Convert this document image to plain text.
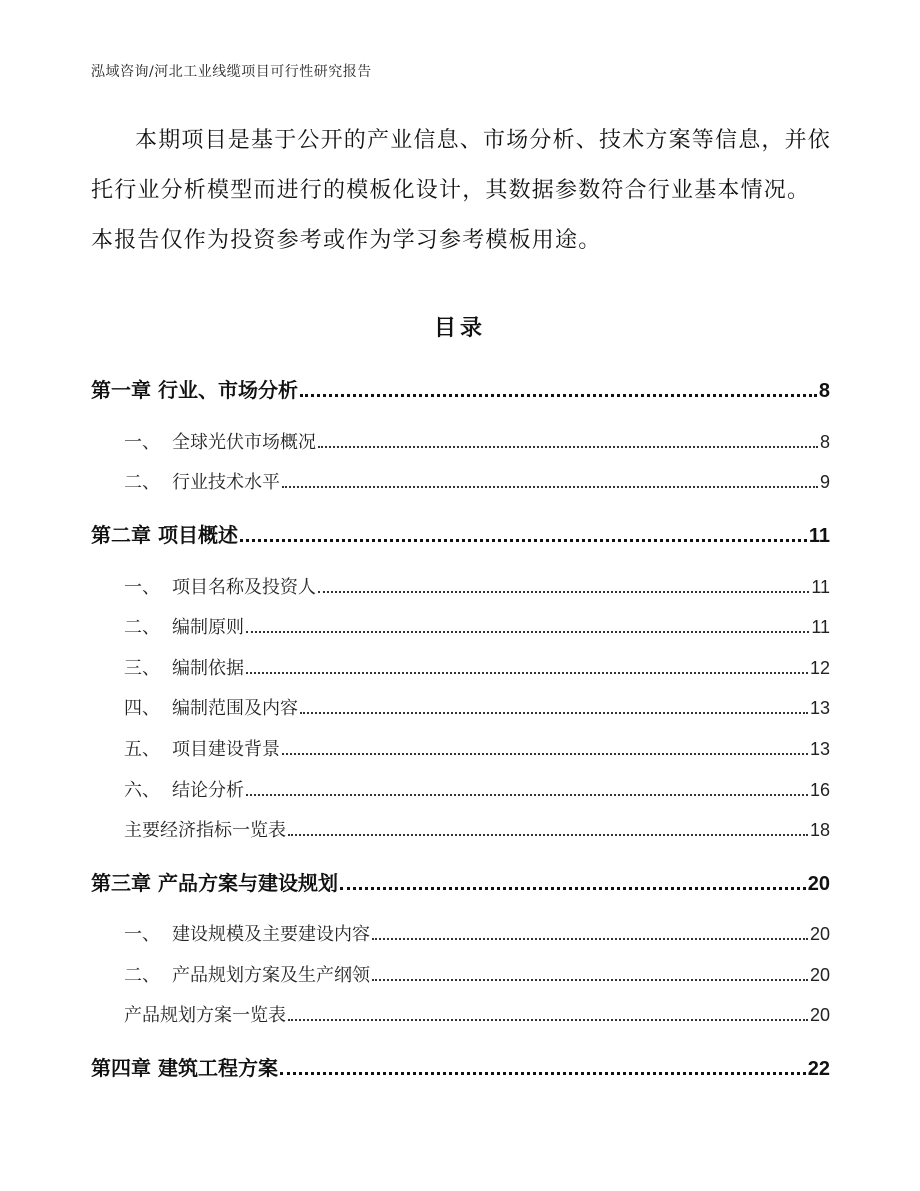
泓域咨询/河北工业线缆项目可行性研究报告

本期项目是基于公开的产业信息、市场分析、技术方案等信息，并依托行业分析模型而进行的模板化设计，其数据参数符合行业基本情况。本报告仅作为投资参考或作为学习参考模板用途。

目录
第一章 行业、市场分析	8
一、 全球光伏市场概况	8
二、 行业技术水平	9
第二章 项目概述	11
一、 项目名称及投资人	11
二、 编制原则	11
三、 编制依据	12
四、 编制范围及内容	13
五、 项目建设背景	13
六、 结论分析	16
主要经济指标一览表	18
第三章 产品方案与建设规划	20
一、 建设规模及主要建设内容	20
二、 产品规划方案及生产纲领	20
产品规划方案一览表	20
第四章 建筑工程方案	22
